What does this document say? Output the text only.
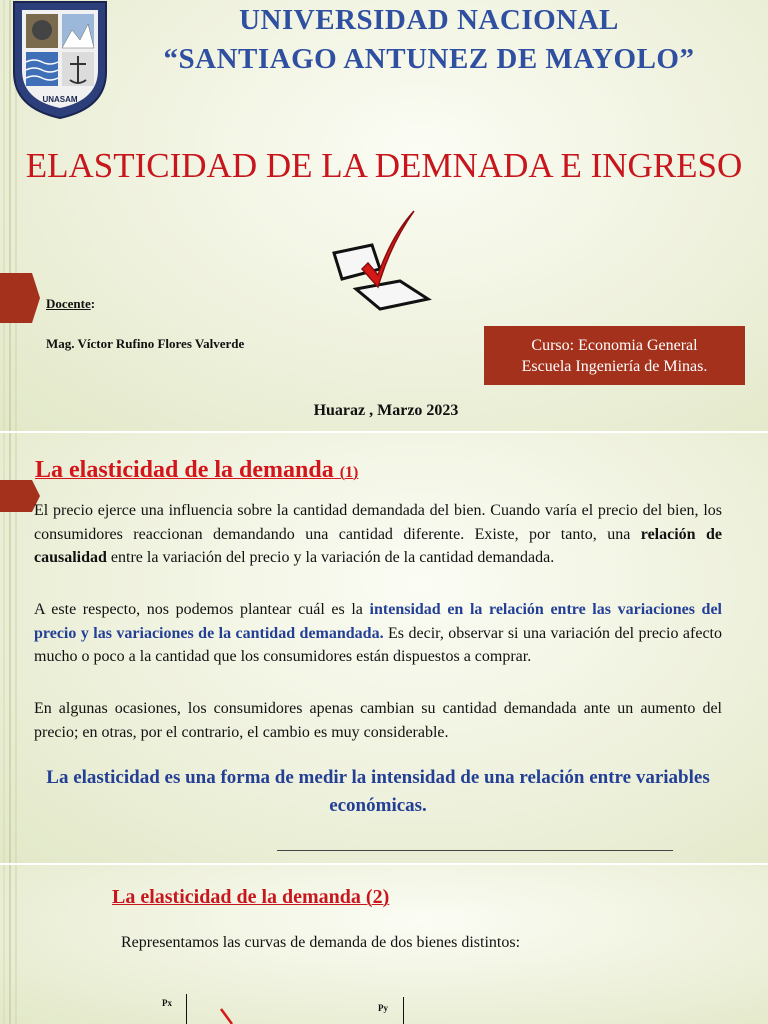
UNASAM
UNIVERSIDAD NACIONAL
“SANTIAGO ANTUNEZ DE MAYOLO”
ELASTICIDAD DE LA DEMNADA E INGRESO
Docente:
Mag. Víctor Rufino Flores Valverde	Curso: Economia General
Escuela Ingeniería de Minas.
Huaraz , Marzo 2023
La elasticidad de la demanda (1)
El precio ejerce una influencia sobre la cantidad demandada del bien. Cuando varía el precio del bien, los consumidores reaccionan demandando una cantidad diferente. Existe, por tanto, una relación de causalidad entre la variación del precio y la variación de la cantidad demandada.
A este respecto, nos podemos plantear cuál es la intensidad en la relación entre las variaciones del precio y las variaciones de la cantidad demandada. Es decir, observar si una variación del precio afecto mucho o poco a la cantidad que los consumidores están dispuestos a comprar.
En algunas ocasiones, los consumidores apenas cambian su cantidad demandada ante un aumento del precio; en otras, por el contrario, el cambio es muy considerable.
La elasticidad es una forma de medir la intensidad de una relación entre variables económicas.
La elasticidad de la demanda (2)
Representamos las curvas de demanda de dos bienes distintos:
Px	Py
